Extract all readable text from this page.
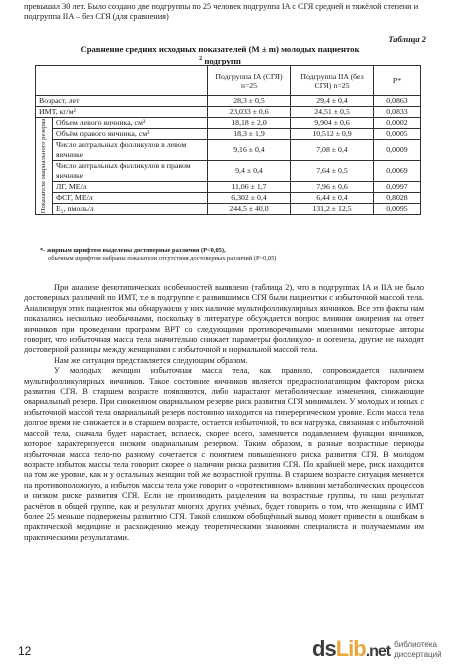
превышал 30 лет. Было создано две подгруппы по 25 человек подгруппа IA с СГЯ средней и тяжёлой степени и подгруппа IIA – без СГЯ (для сравнения)
Таблица 2
Сравнение средних исходных показателей (M ± m) молодых пациенток
$^2$ подгрупп
		Подгруппа IA (СГЯ) n=25	Подгруппа IIA (без СГЯ) n=25	P*
Возраст, лет		28,3 ± 0,5	29,4 ± 0,4	0,0863
ИМТ, кг/м²		23,033 ± 0,6	24,51 ± 0,5	0,0833

Показатели овариального резерва	Объем левого яичника, см³	18,18 ± 2,0	9,904 ± 0,6	0,0002
	Объём правого яичника, см³	18,3 ± 1,9	10,512 ± 0,9	0,0005
	Число антральных фолликулов в левом яичнике	9,16 ± 0,4	7,08 ± 0,4	0,0009
	Число антральных фолликулов в правом яичнике	9,4 ± 0,4	7,64 ± 0,5	0,0069
	ЛГ, МЕ/л	11,06 ± 1,7	7,96 ± 0,6	0,0997
	ФСГ, МЕ/л	6,302 ± 0,4	6,44 ± 0,4	0,8028
	E₂, пмоль/л	244,5 ± 40,0	131,2 ± 12,5	0,0095
*- жирным шрифтом выделены достоверные различия (P<0,05),
обычным шрифтом набраны показатели отсутствия достоверных различий (P>0,05)

При анализе фенотипических особенностей выявлено (таблица 2), что в подгруппах IA и IIA не было достоверных различий по ИМТ, т.е в подгруппе с развившимся СГЯ были пациентки с избыточной массой тела. Анализируя этих пациенток мы обнаружили у них наличие мультифолликулярных яичников. Все эти факты нам показались несколько необычными, поскольку в литературе обсуждается вопрос влияния ожирения на ответ яичников при проведении программ ВРТ со следующими противоречивыми мнениями некоторые авторы говорят, что избыточная масса тела значительно снижает параметры фолликуло- и оогенеза, другие не находят достоверной разницы между женщинами с избыточной и нормальной массой тела.

Нам же ситуация представляется следующим образом.

У молодых женщин избыточная масса тела, как правило, сопровождается наличием мультифолликулярных яичников. Такое состояние яичников является предрасполагающим фактором риска развития СГЯ. В старшем возрасте появляются, либо нарастают метаболические изменения, снижающие овариальный резерв. При сниженном овариальном резерве риск развития СГЯ минимален. У молодых и юных с избыточной массой тела овариальный резерв постоянно находится на гиперергическом уровне. Если масса тела долгое время не снижается и в старшем возрасте, остается избыточной, то вся нагрузка, связанная с избыточной массой тела, сначала будет нарастает, всплеск, скорее всего, заменяется подавлением функции яичников, которое характеризуется низким овариальным резервом. Таким образом, в разные возрастные периоды избыточная масса тело-по разному сочетается с понятием повышенного риска развития СГЯ. В молодом возрасте избыток массы тела говорит скорее о наличии риска развития СГЯ. По крайней мере, риск находится на том же уровне, как и у остальных женщин той же возрастной группы. В старшем возрасте ситуация меняется на противоположную, а избыток массы тела уже говорит о «протективном» влиянии метаболических процессов и низком риске развития СГЯ. Если не производить разделения на возрастные группы, то наш результат расчётов в общей группе, как и результат многих других учёных, будет говорить о том, что женщины с ИМТ более 25 меньше подвержены развитию СГЯ. Такой слишком обобщённый вывод может привести к ошибкам в практической медицине и расхождению между теоретическими знаниями специалиста и получаемыми им практическими результатами.

12	dsLib.net библиотека диссертаций
